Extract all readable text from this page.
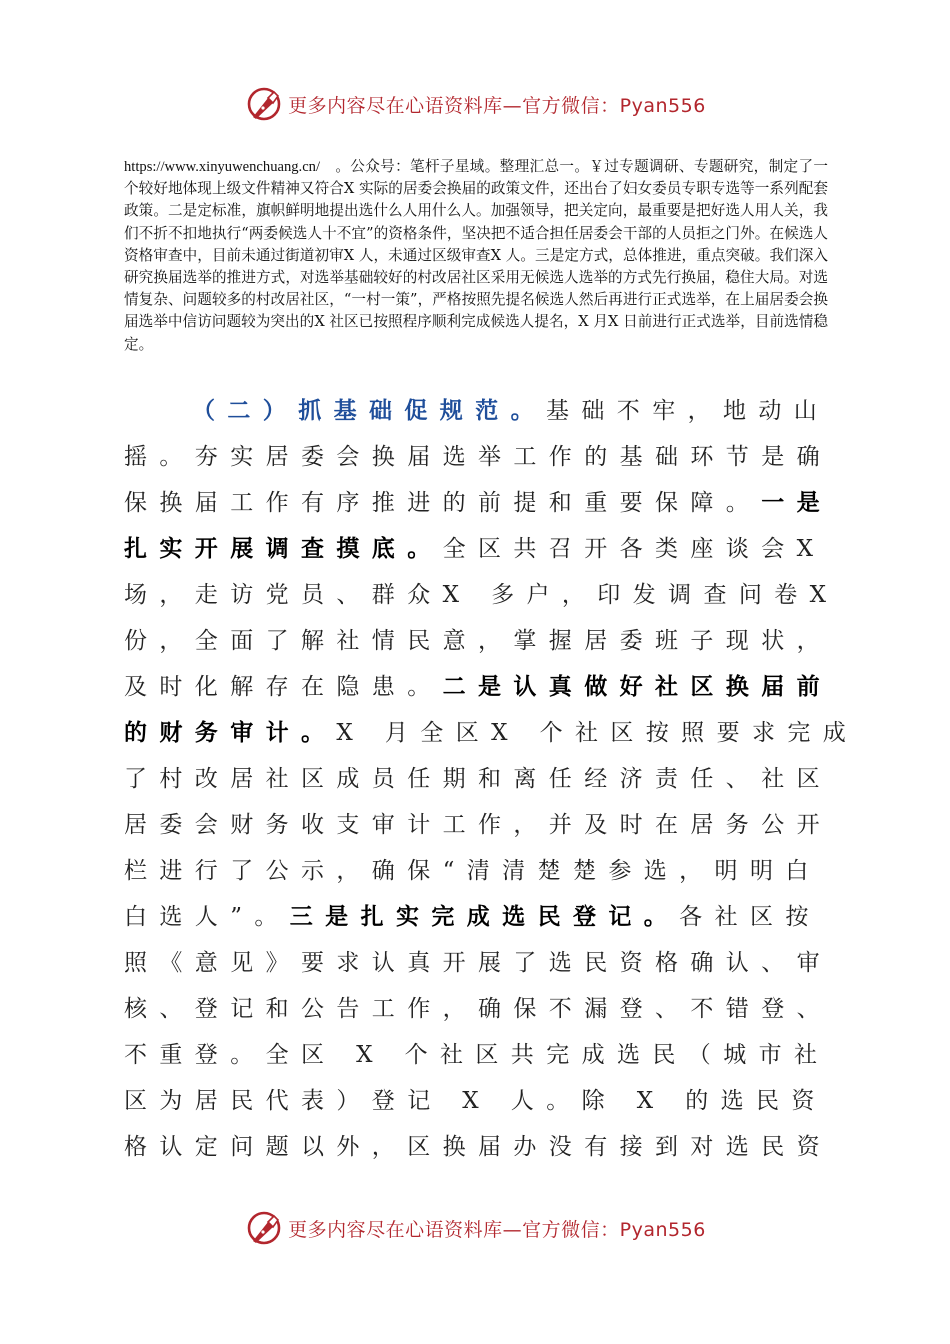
更多内容尽在心语资料库—官方微信：Pyan556
https://www.xinyuwenchuang.cn/　。公众号：笔杆子星域。整理汇总一。￥过专题调研、专题研究，制定了一个较好地体现上级文件精神又符合X 实际的居委会换届的政策文件，还出台了妇女委员专职专选等一系列配套政策。二是定标准，旗帜鲜明地提出选什么人用什么人。加强领导，把关定向，最重要是把好选人用人关，我们不折不扣地执行“两委候选人十不宜”的资格条件，坚决把不适合担任居委会干部的人员拒之门外。在候选人资格审查中，目前未通过街道初审X 人，未通过区级审查X 人。三是定方式，总体推进，重点突破。我们深入研究换届选举的推进方式，对选举基础较好的村改居社区采用无候选人选举的方式先行换届，稳住大局。对选情复杂、问题较多的村改居社区，“一村一策”，严格按照先提名候选人然后再进行正式选举，在上届居委会换届选举中信访问题较为突出的X 社区已按照程序顺利完成候选人提名，X 月X 日前进行正式选举，目前选情稳定。
（二）抓基础促规范。基础不牢，地动山
摇。夯实居委会换届选举工作的基础环节是确
保换届工作有序推进的前提和重要保障。一是
扎实开展调查摸底。全区共召开各类座谈会X
场，走访党员、群众X 多户，印发调查问卷X
份，全面了解社情民意，掌握居委班子现状，
及时化解存在隐患。二是认真做好社区换届前
的财务审计。X 月全区X 个社区按照要求完成
了村改居社区成员任期和离任经济责任、社区
居委会财务收支审计工作，并及时在居务公开
栏进行了公示，确保“清清楚楚参选，明明白
白选人”。三是扎实完成选民登记。各社区按
照《意见》要求认真开展了选民资格确认、审
核、登记和公告工作，确保不漏登、不错登、
不重登。全区 X 个社区共完成选民（城市社
区为居民代表）登记 X 人。除 X 的选民资
格认定问题以外，区换届办没有接到对选民资
更多内容尽在心语资料库—官方微信：Pyan556
